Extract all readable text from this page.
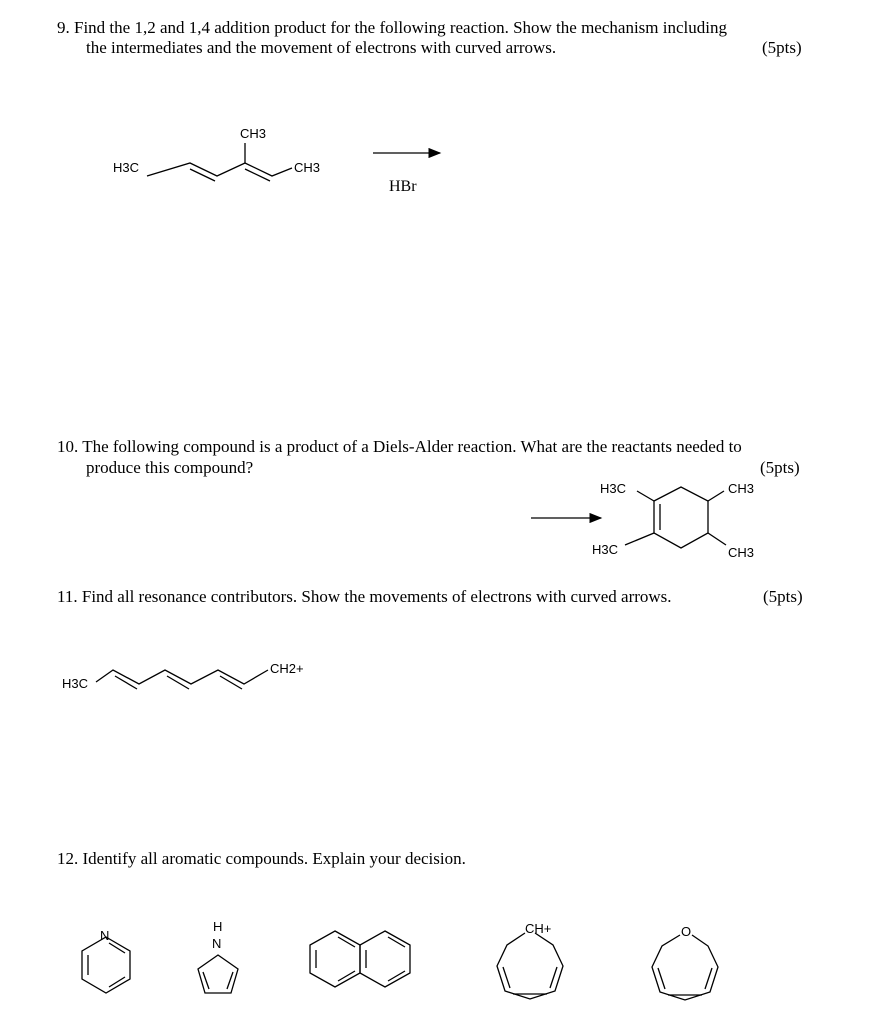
9. Find the 1,2 and 1,4 addition product for the following reaction. Show the mechanism including
the intermediates and the movement of electrons with curved arrows.	(5pts)
HBr
10. The following compound is a product of a Diels-Alder reaction. What are the reactants needed to
produce this compound?	(5pts)
11. Find all resonance contributors. Show the movements of electrons with curved arrows.	(5pts)
12. Identify all aromatic compounds. Explain your decision.
H3C
CH3
CH3
H3C	CH3
H3C	CH3
H3C
CH2+
N
H
N
CH+	O
